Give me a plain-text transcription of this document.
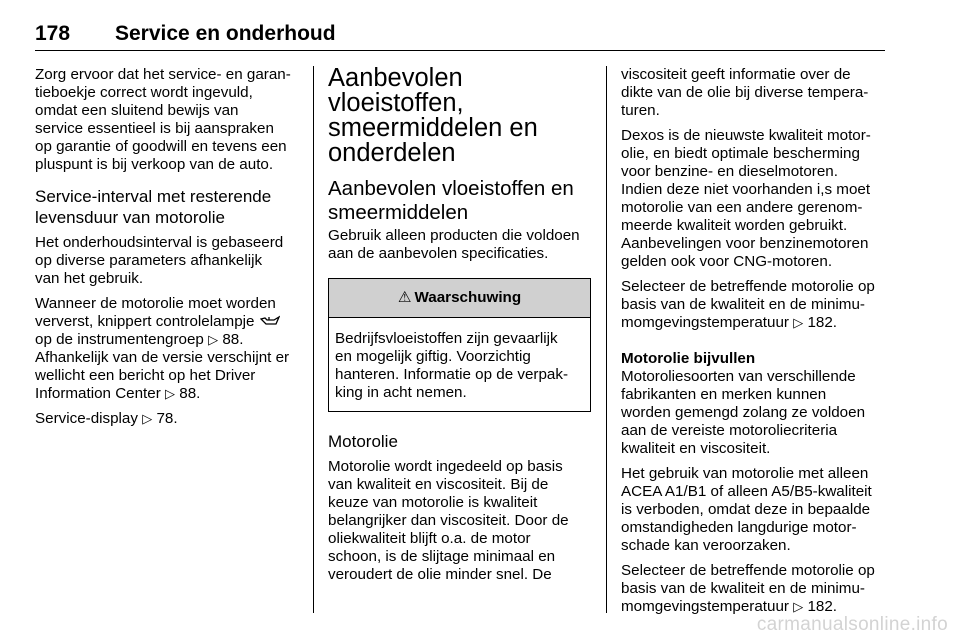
178 Service en onderhoud

Zorg ervoor dat het service- en garan-
tieboekje correct wordt ingevuld,
omdat een sluitend bewijs van
service essentieel is bij aanspraken
op garantie of goodwill en tevens een
pluspunt is bij verkoop van de auto.

Service-interval met resterende
levensduur van motorolie

Het onderhoudsinterval is gebaseerd
op diverse parameters afhankelijk
van het gebruik.

Wanneer de motorolie moet worden
ververst, knippert controlelampje
op de instrumentengroep ▷ 88.
Afhankelijk van de versie verschijnt er
wellicht een bericht op het Driver
Information Center ▷ 88.

Service-display ▷ 78.

Aanbevolen
vloeistoffen,
smeermiddelen en
onderdelen
Aanbevolen vloeistoffen en
smeermiddelen

Gebruik alleen producten die voldoen
aan de aanbevolen specificaties.

⚠ Waarschuwing
Bedrijfsvloeistoffen zijn gevaarlijk
en mogelijk giftig. Voorzichtig
hanteren. Informatie op de verpak-
king in acht nemen.
Motorolie

Motorolie wordt ingedeeld op basis
van kwaliteit en viscositeit. Bij de
keuze van motorolie is kwaliteit
belangrijker dan viscositeit. Door de
oliekwaliteit blijft o.a. de motor
schoon, is de slijtage minimaal en
veroudert de olie minder snel. De

viscositeit geeft informatie over de
dikte van de olie bij diverse tempera-
turen.

Dexos is de nieuwste kwaliteit motor-
olie, en biedt optimale bescherming
voor benzine- en dieselmotoren.
Indien deze niet voorhanden i,s moet
motorolie van een andere gerenom-
meerde kwaliteit worden gebruikt.
Aanbevelingen voor benzinemotoren
gelden ook voor CNG-motoren.

Selecteer de betreffende motorolie op
basis van de kwaliteit en de minimu-
momgevingstemperatuur ▷ 182.

Motorolie bijvullen

Motoroliesoorten van verschillende
fabrikanten en merken kunnen
worden gemengd zolang ze voldoen
aan de vereiste motoroliecriteria
kwaliteit en viscositeit.

Het gebruik van motorolie met alleen
ACEA A1/B1 of alleen A5/B5-kwaliteit
is verboden, omdat deze in bepaalde
omstandigheden langdurige motor-
schade kan veroorzaken.

Selecteer de betreffende motorolie op
basis van de kwaliteit en de minimu-
momgevingstemperatuur ▷ 182.

carmanualsonline.info
